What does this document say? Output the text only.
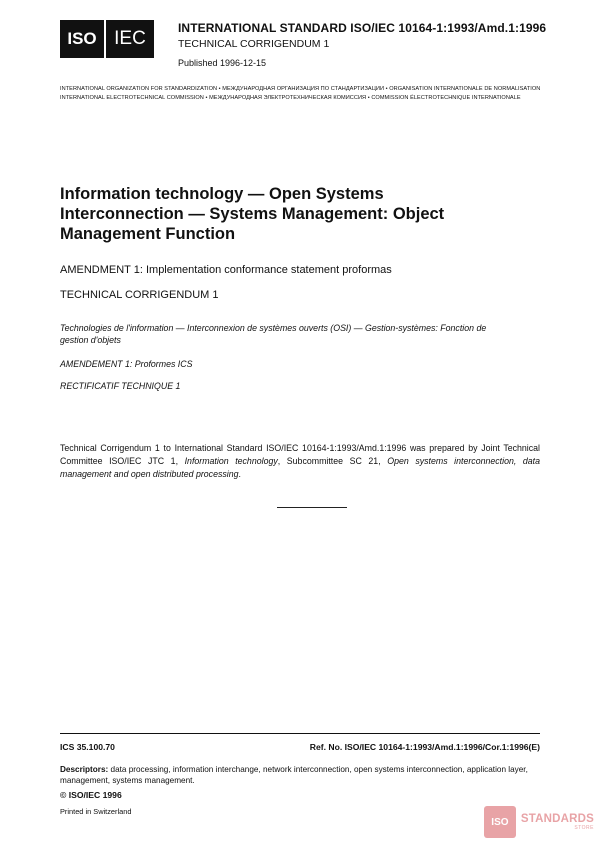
ISO IEC	INTERNATIONAL STANDARD ISO/IEC 10164-1:1993/Amd.1:1996
TECHNICAL CORRIGENDUM 1
Published 1996-12-15
INTERNATIONAL ORGANIZATION FOR STANDARDIZATION • МЕЖДУНАРОДНАЯ ОРГАНИЗАЦИЯ ПО СТАНДАРТИЗАЦИИ • ORGANISATION INTERNATIONALE DE NORMALISATION
INTERNATIONAL ELECTROTECHNICAL COMMISSION • МЕЖДУНАРОДНАЯ ЭЛЕКТРОТЕХНИЧЕСКАЯ КОМИССИЯ • COMMISSION ÉLECTROTECHNIQUE INTERNATIONALE
Information technology — Open Systems
Interconnection — Systems Management: Object
Management Function
AMENDMENT 1: Implementation conformance statement proformas
TECHNICAL CORRIGENDUM 1
Technologies de l'information — Interconnexion de systèmes ouverts (OSI) — Gestion-systèmes: Fonction de
gestion d'objets
AMENDEMENT 1: Proformes ICS
RECTIFICATIF TECHNIQUE 1
Technical Corrigendum 1 to International Standard ISO/IEC 10164-1:1993/Amd.1:1996 was prepared by Joint Technical Committee ISO/IEC JTC 1, Information technology, Subcommittee SC 21, Open systems interconnection, data management and open distributed processing.
ICS 35.100.70	Ref. No. ISO/IEC 10164-1:1993/Amd.1:1996/Cor.1:1996(E)
Descriptors: data processing, information interchange, network interconnection, open systems interconnection, application layer, management, systems management.
© ISO/IEC 1996
Printed in Switzerland
ISO	STANDARDS
STORE
